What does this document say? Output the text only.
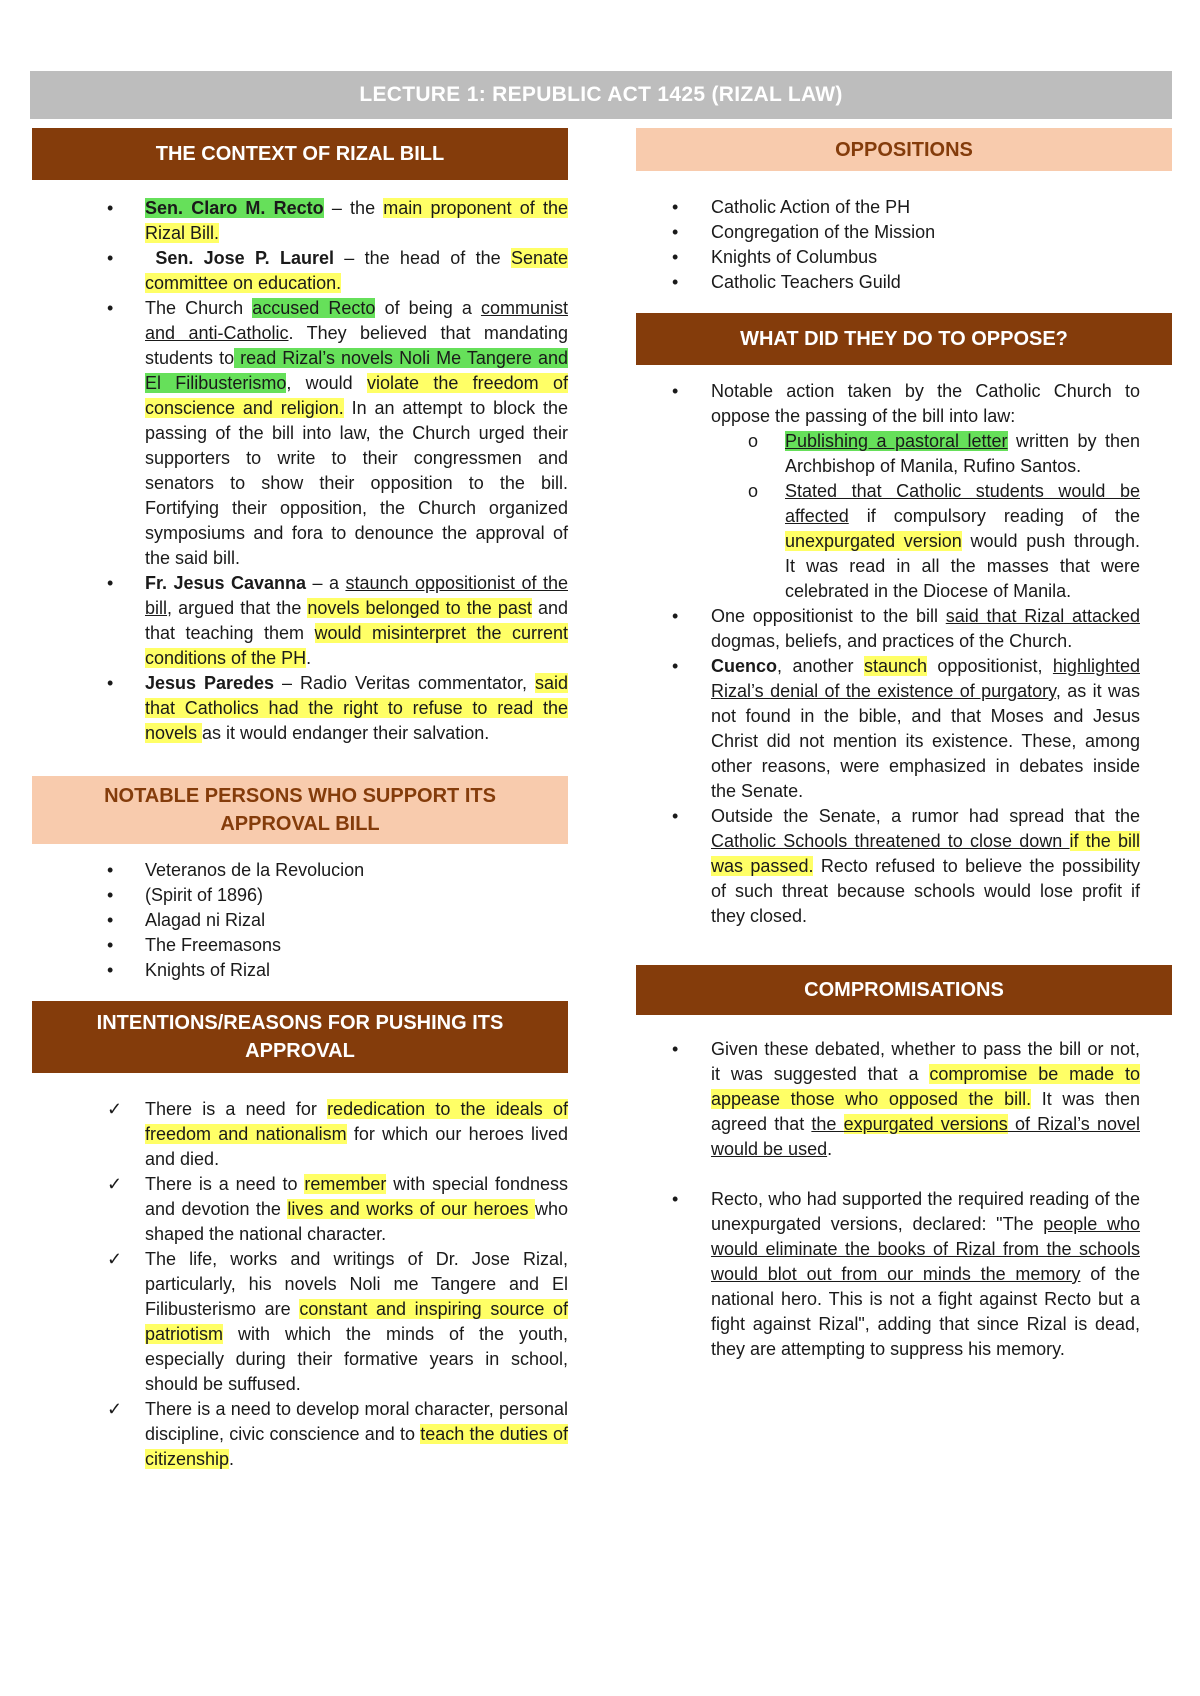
LECTURE 1: REPUBLIC ACT 1425 (RIZAL LAW)
THE CONTEXT OF RIZAL BILL
• Sen. Claro M. Recto – the main proponent of the Rizal Bill.
• Sen. Jose P. Laurel – the head of the Senate committee on education.
• The Church accused Recto of being a communist and anti-Catholic. They believed that mandating students to read Rizal’s novels Noli Me Tangere and El Filibusterismo, would violate the freedom of conscience and religion. In an attempt to block the passing of the bill into law, the Church urged their supporters to write to their congressmen and senators to show their opposition to the bill. Fortifying their opposition, the Church organized symposiums and fora to denounce the approval of the said bill.
• Fr. Jesus Cavanna – a staunch oppositionist of the bill, argued that the novels belonged to the past and that teaching them would misinterpret the current conditions of the PH.
• Jesus Paredes – Radio Veritas commentator, said that Catholics had the right to refuse to read the novels as it would endanger their salvation.
NOTABLE PERSONS WHO SUPPORT ITS APPROVAL BILL
• Veteranos de la Revolucion
• (Spirit of 1896)
• Alagad ni Rizal
• The Freemasons
• Knights of Rizal
INTENTIONS/REASONS FOR PUSHING ITS APPROVAL
✓ There is a need for rededication to the ideals of freedom and nationalism for which our heroes lived and died.
✓ There is a need to remember with special fondness and devotion the lives and works of our heroes who shaped the national character.
✓ The life, works and writings of Dr. Jose Rizal, particularly, his novels Noli me Tangere and El Filibusterismo are constant and inspiring source of patriotism with which the minds of the youth, especially during their formative years in school, should be suffused.
✓ There is a need to develop moral character, personal discipline, civic conscience and to teach the duties of citizenship.
OPPOSITIONS
• Catholic Action of the PH
• Congregation of the Mission
• Knights of Columbus
• Catholic Teachers Guild
WHAT DID THEY DO TO OPPOSE?
• Notable action taken by the Catholic Church to oppose the passing of the bill into law:
o Publishing a pastoral letter written by then Archbishop of Manila, Rufino Santos.
o Stated that Catholic students would be affected if compulsory reading of the unexpurgated version would push through. It was read in all the masses that were celebrated in the Diocese of Manila.
• One oppositionist to the bill said that Rizal attacked dogmas, beliefs, and practices of the Church.
• Cuenco, another staunch oppositionist, highlighted Rizal’s denial of the existence of purgatory, as it was not found in the bible, and that Moses and Jesus Christ did not mention its existence. These, among other reasons, were emphasized in debates inside the Senate.
• Outside the Senate, a rumor had spread that the Catholic Schools threatened to close down if the bill was passed. Recto refused to believe the possibility of such threat because schools would lose profit if they closed.
COMPROMISATIONS
• Given these debated, whether to pass the bill or not, it was suggested that a compromise be made to appease those who opposed the bill. It was then agreed that the expurgated versions of Rizal’s novel would be used.
• Recto, who had supported the required reading of the unexpurgated versions, declared: "The people who would eliminate the books of Rizal from the schools would blot out from our minds the memory of the national hero. This is not a fight against Recto but a fight against Rizal", adding that since Rizal is dead, they are attempting to suppress his memory.
